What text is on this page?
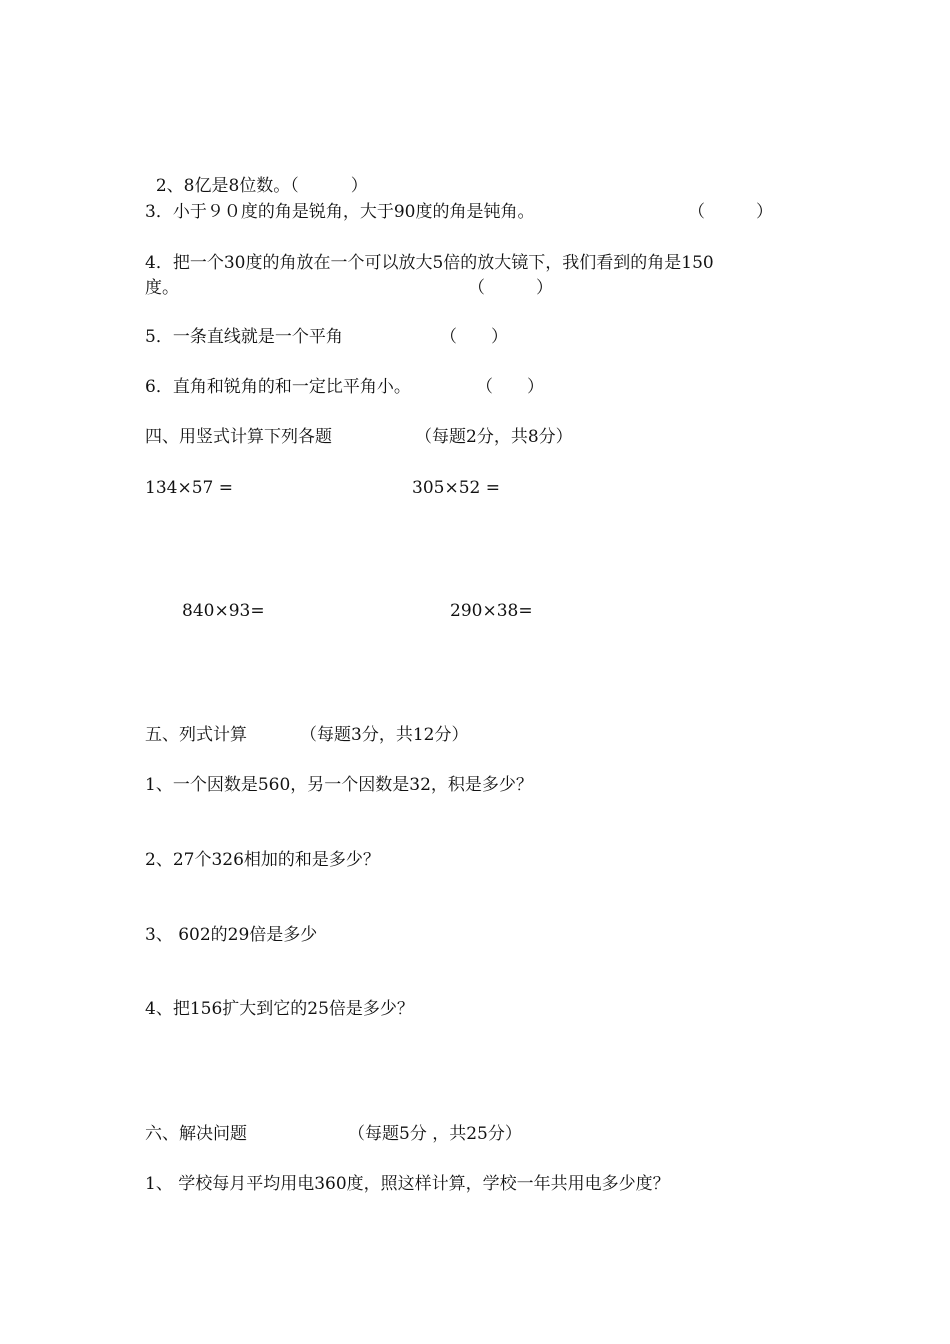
2、8亿是8位数。（	）

3．小于９０度的角是锐角，大于90度的角是钝角。	（　　　）
4．把一个30度的角放在一个可以放大5倍的放大镜下，我们看到的角是150
度。	（　　　）
5．一条直线就是一个平角	（　　）
6．直角和锐角的和一定比平角小。	（　　）
四、用竖式计算下列各题	（每题2分，共8分）
134×57 =	305×52 =
840×93=	290×38=
五、列式计算	（每题3分，共12分）
1、一个因数是560，另一个因数是32，积是多少？
2、27个326相加的和是多少？
3、 602的29倍是多少
4、把156扩大到它的25倍是多少？
六、解决问题	（每题5分 ，共25分）
1、 学校每月平均用电360度，照这样计算，学校一年共用电多少度？
